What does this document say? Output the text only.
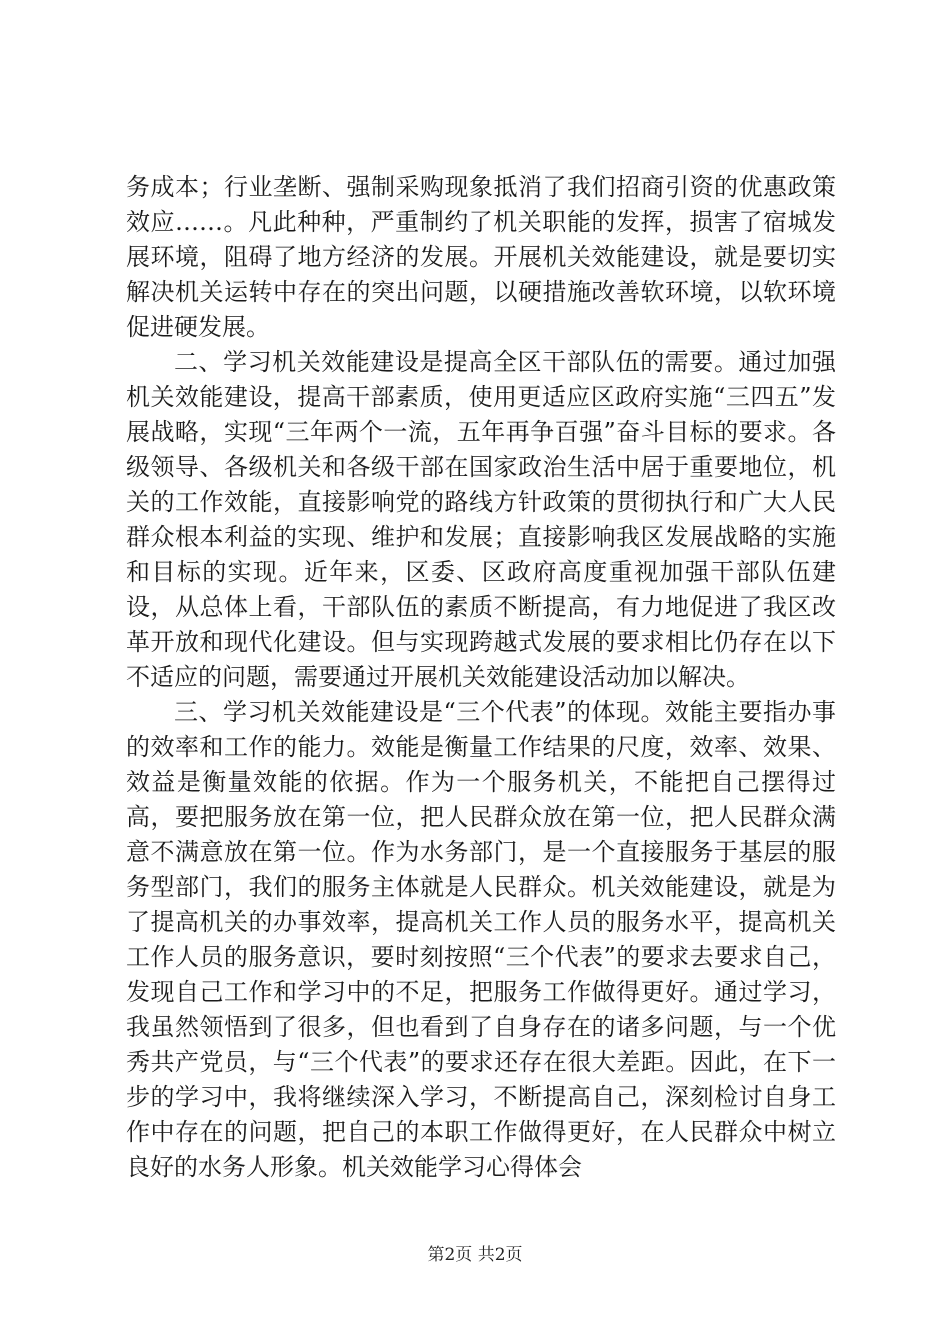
务成本；行业垄断、强制采购现象抵消了我们招商引资的优惠政策效应……。凡此种种，严重制约了机关职能的发挥，损害了宿城发展环境，阻碍了地方经济的发展。开展机关效能建设，就是要切实解决机关运转中存在的突出问题，以硬措施改善软环境，以软环境促进硬发展。

二、学习机关效能建设是提高全区干部队伍的需要。通过加强机关效能建设，提高干部素质，使用更适应区政府实施“三四五”发展战略，实现“三年两个一流，五年再争百强”奋斗目标的要求。各级领导、各级机关和各级干部在国家政治生活中居于重要地位，机关的工作效能，直接影响党的路线方针政策的贯彻执行和广大人民群众根本利益的实现、维护和发展；直接影响我区发展战略的实施和目标的实现。近年来，区委、区政府高度重视加强干部队伍建设，从总体上看，干部队伍的素质不断提高，有力地促进了我区改革开放和现代化建设。但与实现跨越式发展的要求相比仍存在以下不适应的问题，需要通过开展机关效能建设活动加以解决。

三、学习机关效能建设是“三个代表”的体现。效能主要指办事的效率和工作的能力。效能是衡量工作结果的尺度，效率、效果、效益是衡量效能的依据。作为一个服务机关，不能把自己摆得过高，要把服务放在第一位，把人民群众放在第一位，把人民群众满意不满意放在第一位。作为水务部门，是一个直接服务于基层的服务型部门，我们的服务主体就是人民群众。机关效能建设，就是为了提高机关的办事效率，提高机关工作人员的服务水平，提高机关工作人员的服务意识，要时刻按照“三个代表”的要求去要求自己，发现自己工作和学习中的不足，把服务工作做得更好。通过学习，我虽然领悟到了很多，但也看到了自身存在的诸多问题，与一个优秀共产党员，与“三个代表”的要求还存在很大差距。因此，在下一步的学习中，我将继续深入学习，不断提高自己，深刻检讨自身工作中存在的问题，把自己的本职工作做得更好，在人民群众中树立良好的水务人形象。机关效能学习心得体会

第2页 共2页
